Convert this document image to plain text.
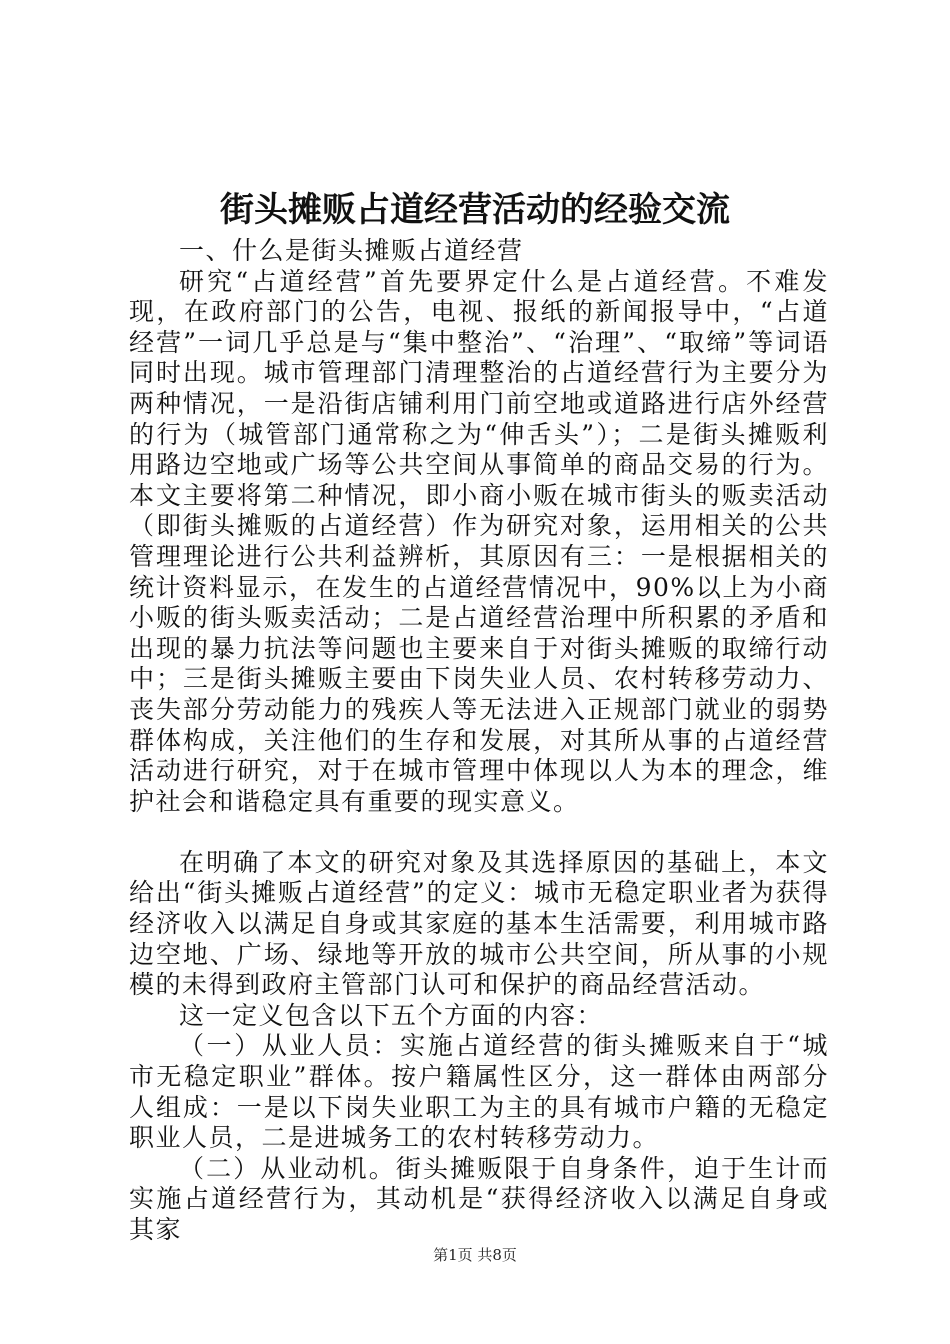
街头摊贩占道经营活动的经验交流

一、什么是街头摊贩占道经营

研究“占道经营”首先要界定什么是占道经营。不难发现，在政府部门的公告，电视、报纸的新闻报导中，“占道经营”一词几乎总是与“集中整治”、“治理”、“取缔”等词语同时出现。城市管理部门清理整治的占道经营行为主要分为两种情况，一是沿街店铺利用门前空地或道路进行店外经营的行为（城管部门通常称之为“伸舌头”）；二是街头摊贩利用路边空地或广场等公共空间从事简单的商品交易的行为。本文主要将第二种情况，即小商小贩在城市街头的贩卖活动（即街头摊贩的占道经营）作为研究对象，运用相关的公共管理理论进行公共利益辨析，其原因有三：一是根据相关的统计资料显示，在发生的占道经营情况中，90%以上为小商小贩的街头贩卖活动；二是占道经营治理中所积累的矛盾和出现的暴力抗法等问题也主要来自于对街头摊贩的取缔行动中；三是街头摊贩主要由下岗失业人员、农村转移劳动力、丧失部分劳动能力的残疾人等无法进入正规部门就业的弱势群体构成，关注他们的生存和发展，对其所从事的占道经营活动进行研究，对于在城市管理中体现以人为本的理念，维护社会和谐稳定具有重要的现实意义。

在明确了本文的研究对象及其选择原因的基础上，本文给出“街头摊贩占道经营”的定义：城市无稳定职业者为获得经济收入以满足自身或其家庭的基本生活需要，利用城市路边空地、广场、绿地等开放的城市公共空间，所从事的小规模的未得到政府主管部门认可和保护的商品经营活动。

这一定义包含以下五个方面的内容：

（一）从业人员：实施占道经营的街头摊贩来自于“城市无稳定职业”群体。按户籍属性区分，这一群体由两部分人组成：一是以下岗失业职工为主的具有城市户籍的无稳定职业人员，二是进城务工的农村转移劳动力。

（二）从业动机。街头摊贩限于自身条件，迫于生计而实施占道经营行为，其动机是“获得经济收入以满足自身或其家

第1页 共8页
